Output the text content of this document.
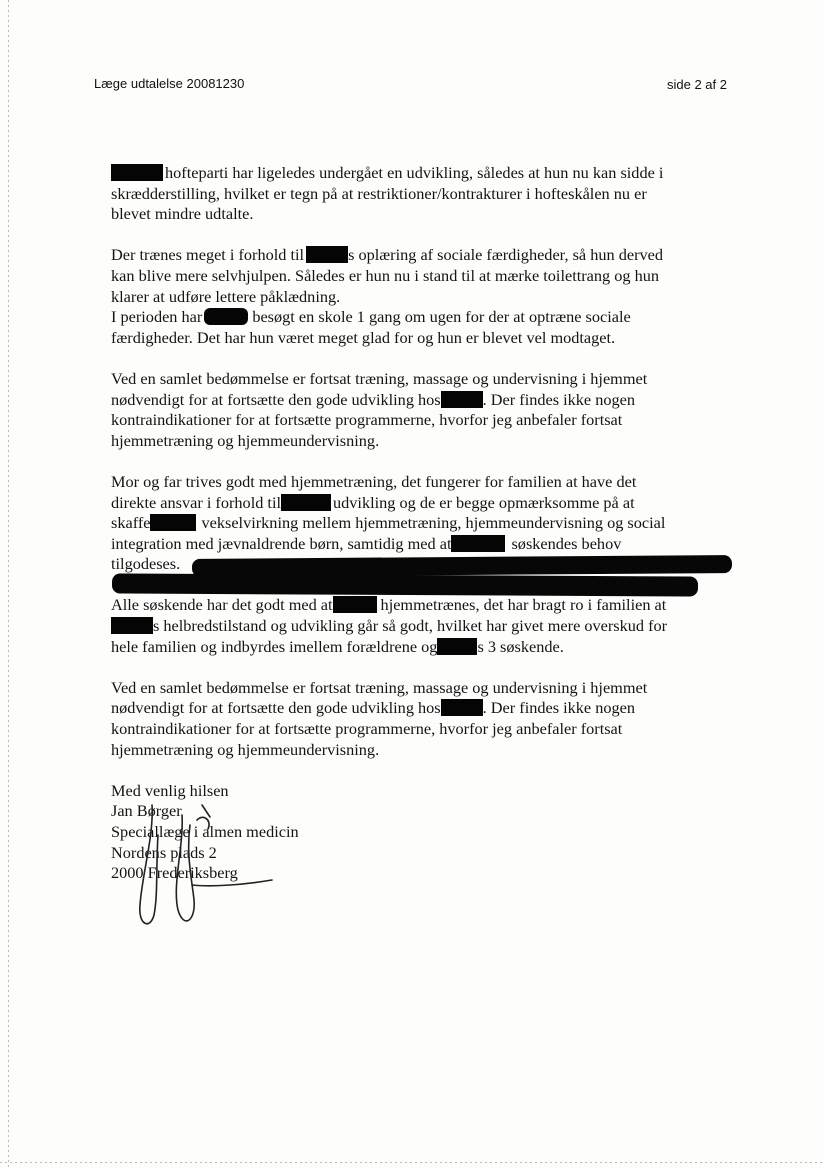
Læge udtalelse 20081230	side 2 af 2
hofteparti har ligeledes undergået en udvikling, således at hun nu kan sidde i
skrædderstilling, hvilket er tegn på at restriktioner/kontrakturer i hofteskålen nu er
blevet mindre udtalte.
Der trænes meget i forhold til	s oplæring af sociale færdigheder, så hun derved
kan blive mere selvhjulpen. Således er hun nu i stand til at mærke toilettrang og hun
klarer at udføre lettere påklædning.
I perioden har	besøgt en skole 1 gang om ugen for der at optræne sociale
færdigheder. Det har hun været meget glad for og hun er blevet vel modtaget.
Ved en samlet bedømmelse er fortsat træning, massage og undervisning i hjemmet
nødvendigt for at fortsætte den gode udvikling hos	. Der findes ikke nogen
kontraindikationer for at fortsætte programmerne, hvorfor jeg anbefaler fortsat
hjemmetræning og hjemmeundervisning.
Mor og far trives godt med hjemmetræning, det fungerer for familien at have det
direkte ansvar i forhold til	udvikling og de er begge opmærksomme på at
skaffe	vekselvirkning mellem hjemmetræning, hjemmeundervisning og social
integration med jævnaldrende børn, samtidig med at	søskendes behov
tilgodeses.
Alle søskende har det godt med at	hjemmetrænes, det har bragt ro i familien at
s helbredstilstand og udvikling går så godt, hvilket har givet mere overskud for
hele familien og indbyrdes imellem forældrene og s 3 søskende.
Ved en samlet bedømmelse er fortsat træning, massage og undervisning i hjemmet
nødvendigt for at fortsætte den gode udvikling hos	. Der findes ikke nogen
kontraindikationer for at fortsætte programmerne, hvorfor jeg anbefaler fortsat
hjemmetræning og hjemmeundervisning.
Med venlig hilsen
Jan Børger
Speciallæge i almen medicin
Nordens plads 2
2000 Frederiksberg
